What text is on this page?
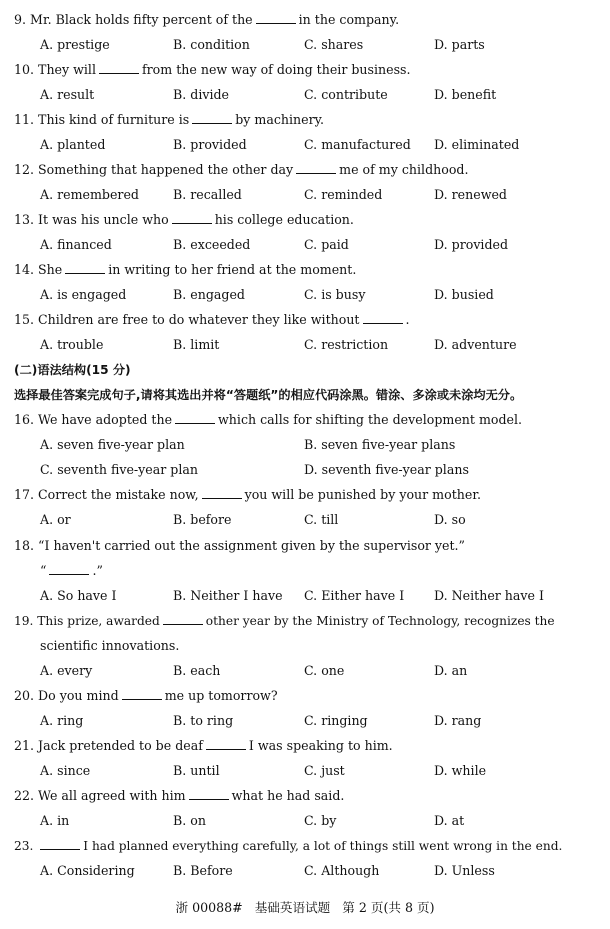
9. Mr. Black holds fifty percent of the	in the company.
A. prestige	B. condition	C. shares	D. parts
10. They will	from the new way of doing their business.
A. result	B. divide	C. contribute	D. benefit
11. This kind of furniture is	by machinery.
A. planted	B. provided	C. manufactured D. eliminated
12. Something that happened the other day	me of my childhood.
A. remembered	B. recalled	C. reminded	D. renewed
13. It was his uncle who	his college education.
A. financed	B. exceeded	C. paid	D. provided
14. She	in writing to her friend at the moment.
A. is engaged	B. engaged	C. is busy	D. busied
15. Children are free to do whatever they like without	.
A. trouble	B. limit	C. restriction	D. adventure
(二)语法结构(15 分)
选择最佳答案完成句子,请将其选出并将“答题纸”的相应代码涂黑。错涂、多涂或未涂均无分。
16. We have adopted the	which calls for shifting the development model.
A. seven five-year plan	B. seven five-year plans
C. seventh five-year plan	D. seventh five-year plans
17. Correct the mistake now,	you will be punished by your mother.
A. or	B. before	C. till	D. so
18. “I haven't carried out the assignment given by the supervisor yet.”
“	.”
A. So have I	B. Neither I have C. Either have I D. Neither have I
19. This prize, awarded	other year by the Ministry of Technology, recognizes the
scientific innovations.
A. every	B. each	C. one	D. an
20. Do you mind	me up tomorrow?
A. ring	B. to ring	C. ringing	D. rang
21. Jack pretended to be deaf	I was speaking to him.
A. since	B. until	C. just	D. while
22. We all agreed with him	what he had said.
A. in	B. on	C. by	D. at
23.	I had planned everything carefully, a lot of things still went wrong in the end.
A. Considering	B. Before	C. Although	D. Unless
浙 00088#   基础英语试题   第 2 页(共 8 页)
